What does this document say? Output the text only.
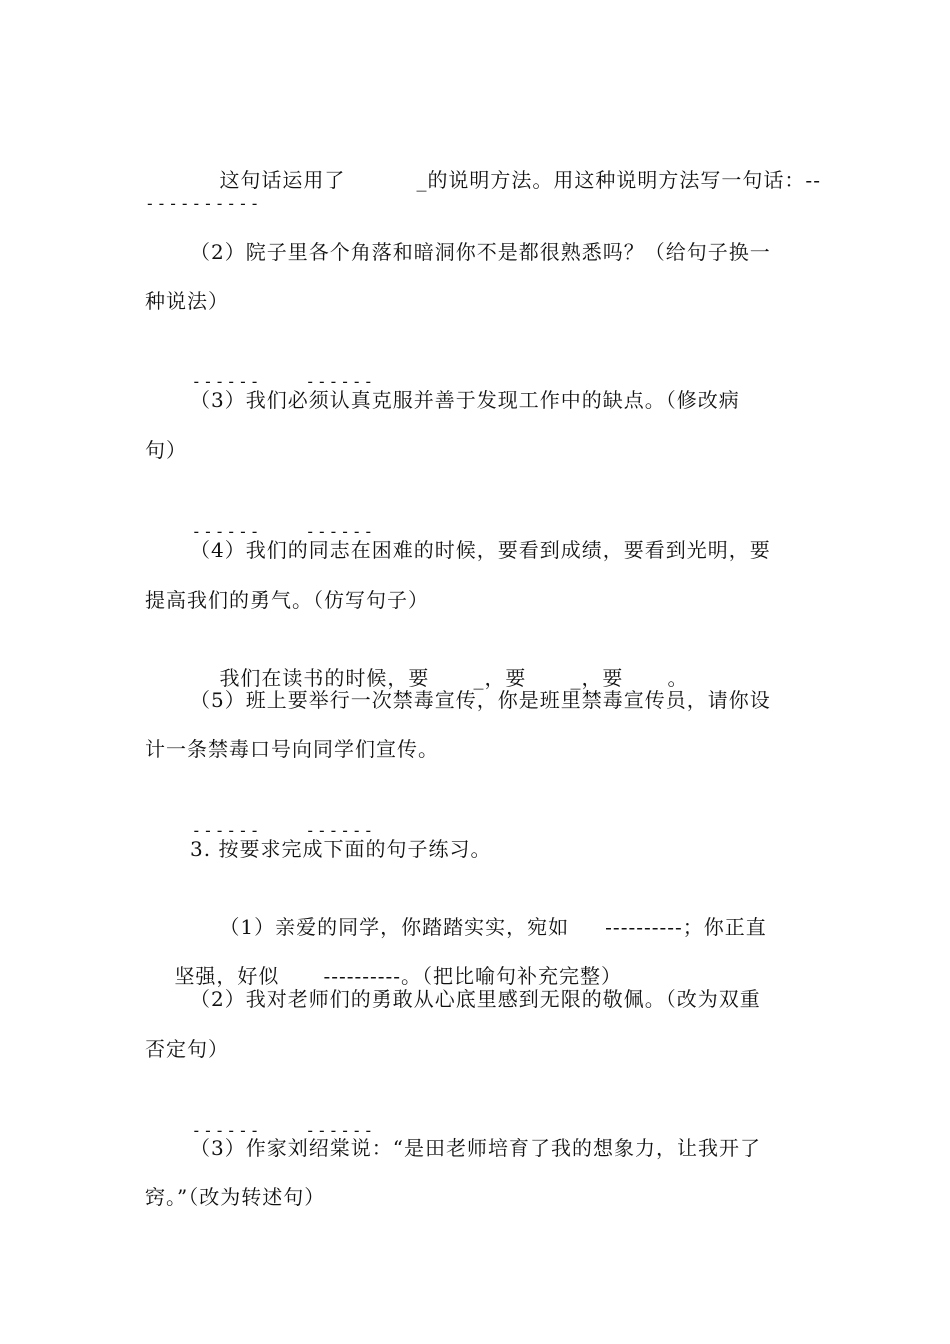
这句话运用了　　　_的说明方法。用这种说明方法写一句话：--

----------
（2）院子里各个角落和暗洞你不是都很熟悉吗？（给句子换一
种说法）

------	------

（3）我们必须认真克服并善于发现工作中的缺点。（修改病
句）

------	------

（4）我们的同志在困难的时候，要看到成绩，要看到光明，要
提高我们的勇气。（仿写句子）

我们在读书的时候，要 _，要 _，要 。

（5）班上要举行一次禁毒宣传，你是班里禁毒宣传员，请你设
计一条禁毒口号向同学们宣传。

------	------

3. 按要求完成下面的句子练习。

（1）亲爱的同学，你踏踏实实，宛如 ----------；你正直

坚强，好似 ----------。（把比喻句补充完整）

（2）我对老师们的勇敢从心底里感到无限的敬佩。（改为双重
否定句）

------	------

（3）作家刘绍棠说：“是田老师培育了我的想象力，让我开了
窍。”（改为转述句）
